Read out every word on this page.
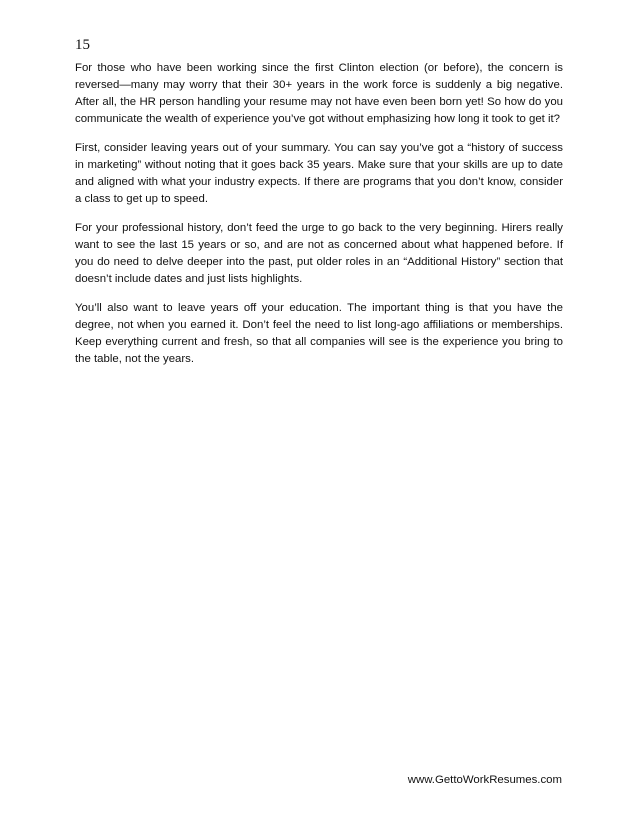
15

For those who have been working since the first Clinton election (or before), the concern is reversed—many may worry that their 30+ years in the work force is suddenly a big negative. After all, the HR person handling your resume may not have even been born yet! So how do you communicate the wealth of experience you’ve got without emphasizing how long it took to get it?

First, consider leaving years out of your summary. You can say you’ve got a “history of success in marketing” without noting that it goes back 35 years. Make sure that your skills are up to date and aligned with what your industry expects. If there are programs that you don’t know, consider a class to get up to speed.

For your professional history, don’t feed the urge to go back to the very beginning. Hirers really want to see the last 15 years or so, and are not as concerned about what happened before. If you do need to delve deeper into the past, put older roles in an “Additional History” section that doesn’t include dates and just lists highlights.

You’ll also want to leave years off your education. The important thing is that you have the degree, not when you earned it. Don’t feel the need to list long-ago affiliations or memberships. Keep everything current and fresh, so that all companies will see is the experience you bring to the table, not the years.

www.GettoWorkResumes.com
